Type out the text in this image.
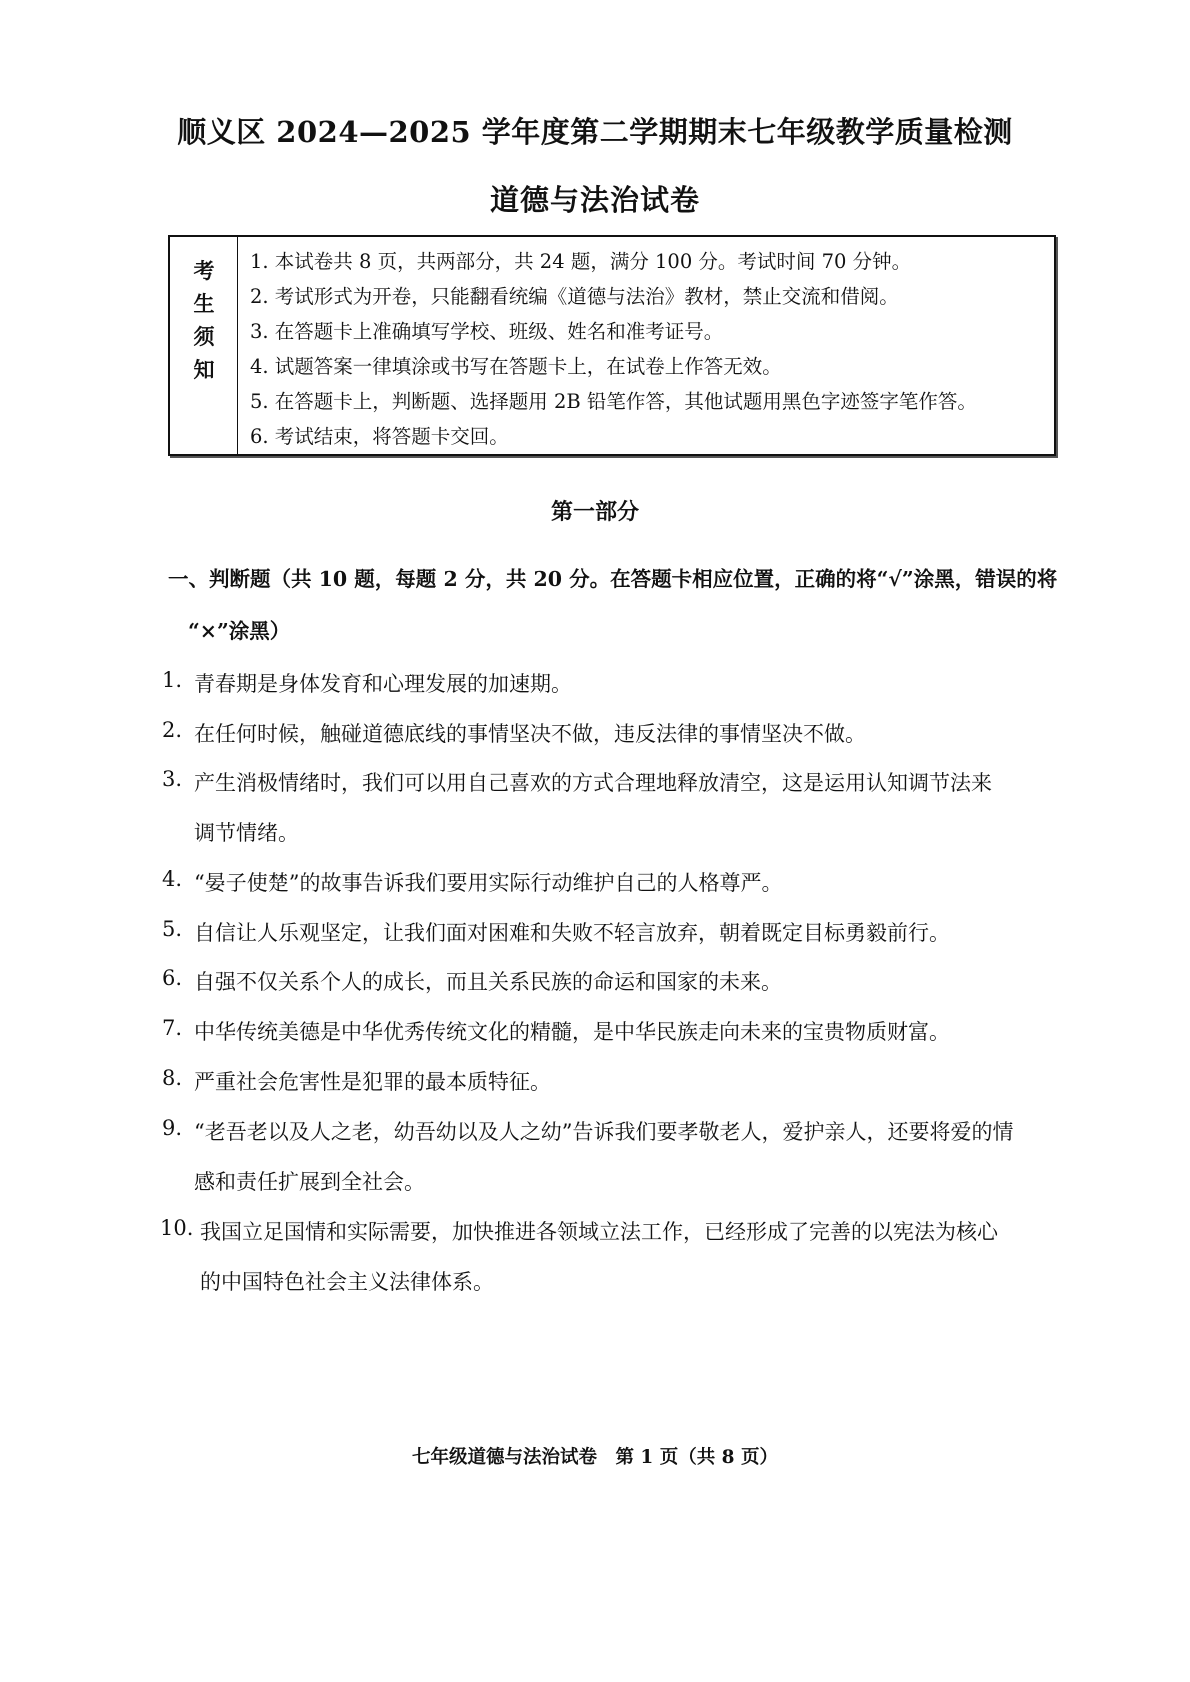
顺义区 2024—2025 学年度第二学期期末七年级教学质量检测
道德与法治试卷
考
生
须
知
1. 本试卷共 8 页，共两部分，共 24 题，满分 100 分。考试时间 70 分钟。
2. 考试形式为开卷，只能翻看统编《道德与法治》教材，禁止交流和借阅。
3. 在答题卡上准确填写学校、班级、姓名和准考证号。
4. 试题答案一律填涂或书写在答题卡上，在试卷上作答无效。
5. 在答题卡上，判断题、选择题用 2B 铅笔作答，其他试题用黑色字迹签字笔作答。
6. 考试结束，将答题卡交回。
第一部分
一、判断题（共 10 题，每题 2 分，共 20 分。在答题卡相应位置，正确的将“√”涂黑，错误的将
“×”涂黑）
1. 青春期是身体发育和心理发展的加速期。
2. 在任何时候，触碰道德底线的事情坚决不做，违反法律的事情坚决不做。
3. 产生消极情绪时，我们可以用自己喜欢的方式合理地释放清空，这是运用认知调节法来
调节情绪。
4. “晏子使楚”的故事告诉我们要用实际行动维护自己的人格尊严。
5. 自信让人乐观坚定，让我们面对困难和失败不轻言放弃，朝着既定目标勇毅前行。
6. 自强不仅关系个人的成长，而且关系民族的命运和国家的未来。
7. 中华传统美德是中华优秀传统文化的精髓，是中华民族走向未来的宝贵物质财富。
8. 严重社会危害性是犯罪的最本质特征。
9. “老吾老以及人之老，幼吾幼以及人之幼”告诉我们要孝敬老人，爱护亲人，还要将爱的情
感和责任扩展到全社会。
10. 我国立足国情和实际需要，加快推进各领域立法工作，已经形成了完善的以宪法为核心
的中国特色社会主义法律体系。
七年级道德与法治试卷　第 1 页（共 8 页）
